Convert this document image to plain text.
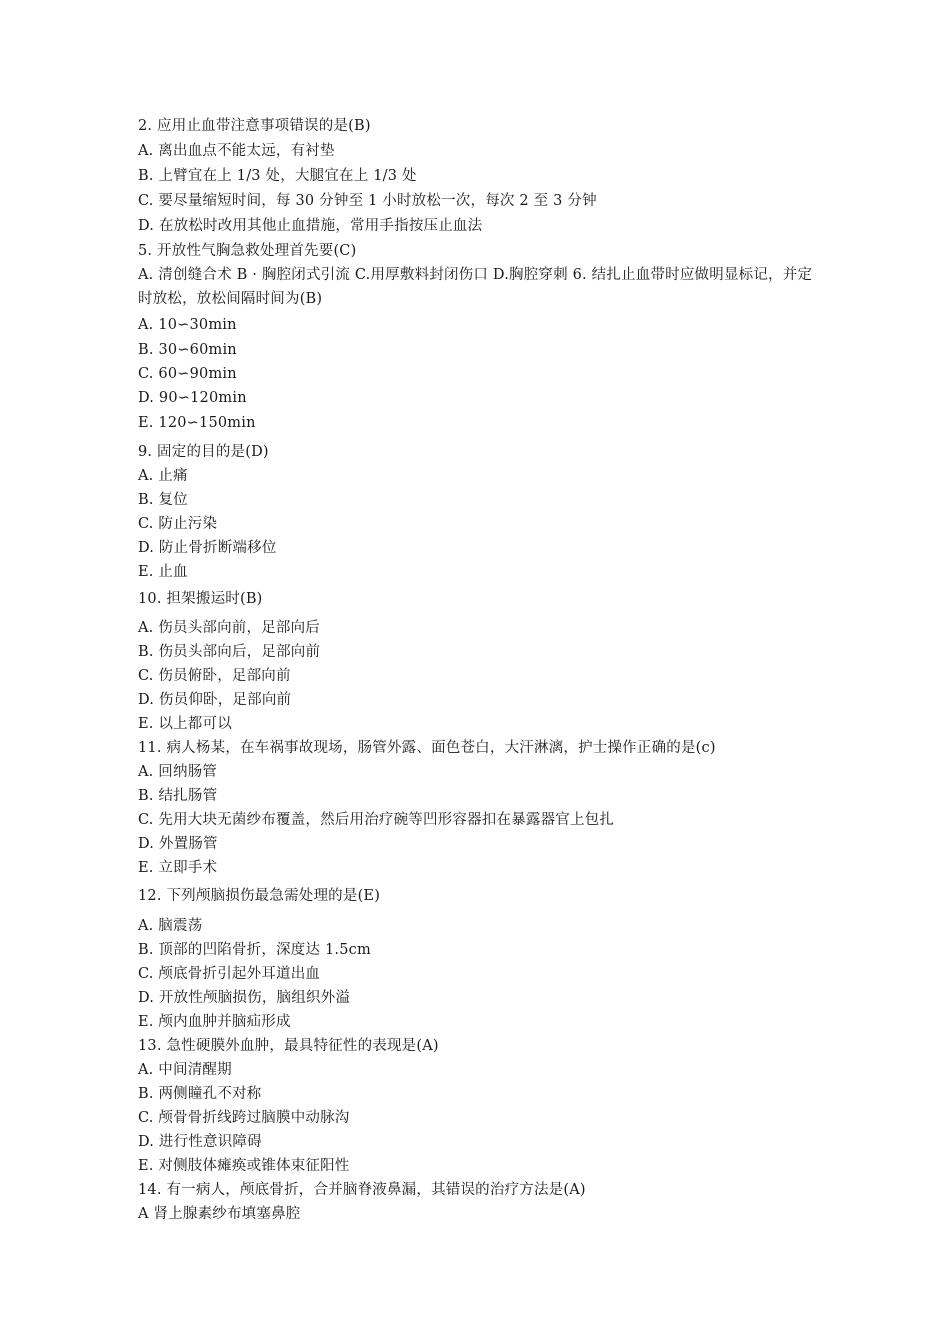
2. 应用止血带注意事项错误的是(B)
A. 离出血点不能太远，有衬垫
B. 上臂宜在上 1/3 处，大腿宜在上 1/3 处
C. 要尽量缩短时间，每 30 分钟至 1 小时放松一次，每次 2 至 3 分钟
D. 在放松时改用其他止血措施，常用手指按压止血法
5. 开放性气胸急救处理首先要(C)
A. 清创缝合术 B · 胸腔闭式引流 C.用厚敷料封闭伤口 D.胸腔穿刺 6. 结扎止血带时应做明显标记，并定时放松，放松间隔时间为(B)
A. 10∽30min
B. 30∽60min
C. 60∽90min
D. 90∽120min
E. 120∽150min
9. 固定的目的是(D)
A. 止痛
B. 复位
C. 防止污染
D. 防止骨折断端移位
E. 止血
10. 担架搬运时(B)
A. 伤员头部向前，足部向后
B. 伤员头部向后，足部向前
C. 伤员俯卧，足部向前
D. 伤员仰卧，足部向前
E. 以上都可以
11. 病人杨某，在车祸事故现场，肠管外露、面色苍白，大汗淋漓，护士操作正确的是(c)
A. 回纳肠管
B. 结扎肠管
C. 先用大块无菌纱布覆盖，然后用治疗碗等凹形容器扣在暴露器官上包扎
D. 外置肠管
E. 立即手术
12. 下列颅脑损伤最急需处理的是(E)
A. 脑震荡
B. 顶部的凹陷骨折，深度达 1.5cm
C. 颅底骨折引起外耳道出血
D. 开放性颅脑损伤，脑组织外溢
E. 颅内血肿并脑疝形成
13. 急性硬膜外血肿，最具特征性的表现是(A)
A. 中间清醒期
B. 两侧瞳孔不对称
C. 颅骨骨折线跨过脑膜中动脉沟
D. 进行性意识障碍
E. 对侧肢体瘫痪或锥体束征阳性
14. 有一病人，颅底骨折，合并脑脊液鼻漏，其错误的治疗方法是(A)
A 肾上腺素纱布填塞鼻腔
